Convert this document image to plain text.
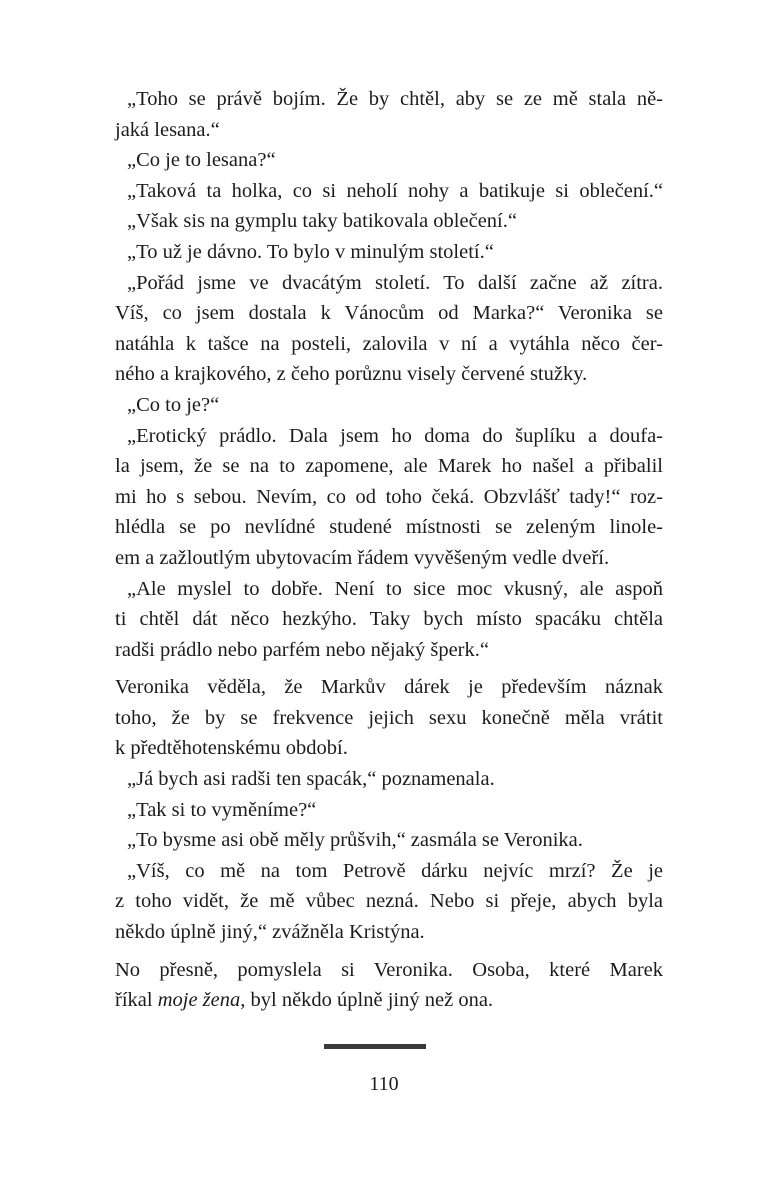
„Toho se právě bojím. Že by chtěl, aby se ze mě stala ně-
jaká lesana.“
„Co je to lesana?“
„Taková ta holka, co si neholí nohy a batikuje si oblečení.“
„Však sis na gymplu taky batikovala oblečení.“
„To už je dávno. To bylo v minulým století.“
„Pořád jsme ve dvacátým století. To další začne až zítra.
Víš, co jsem dostala k Vánocům od Marka?“ Veronika se
natáhla k tašce na posteli, zalovila v ní a vytáhla něco čer-
ného a krajkového, z čeho porůznu visely červené stužky.
„Co to je?“
„Erotický prádlo. Dala jsem ho doma do šuplíku a doufa-
la jsem, že se na to zapomene, ale Marek ho našel a přibalil
mi ho s sebou. Nevím, co od toho čeká. Obzvlášť tady!“ roz-
hlédla se po nevlídné studené místnosti se zeleným linole-
em a zažloutlým ubytovacím řádem vyvěšeným vedle dveří.
„Ale myslel to dobře. Není to sice moc vkusný, ale aspoň
ti chtěl dát něco hezkýho. Taky bych místo spacáku chtěla
radši prádlo nebo parfém nebo nějaký šperk.“
Veronika věděla, že Markův dárek je především náznak
toho, že by se frekvence jejich sexu konečně měla vrátit
k předtěhotenskému období.
„Já bych asi radši ten spacák,“ poznamenala.
„Tak si to vyměníme?“
„To bysme asi obě měly průšvih,“ zasmála se Veronika.
„Víš, co mě na tom Petrově dárku nejvíc mrzí? Že je
z toho vidět, že mě vůbec nezná. Nebo si přeje, abych byla
někdo úplně jiný,“ zvážněla Kristýna.
No přesně, pomyslela si Veronika. Osoba, které Marek
říkal moje žena, byl někdo úplně jiný než ona.
110
